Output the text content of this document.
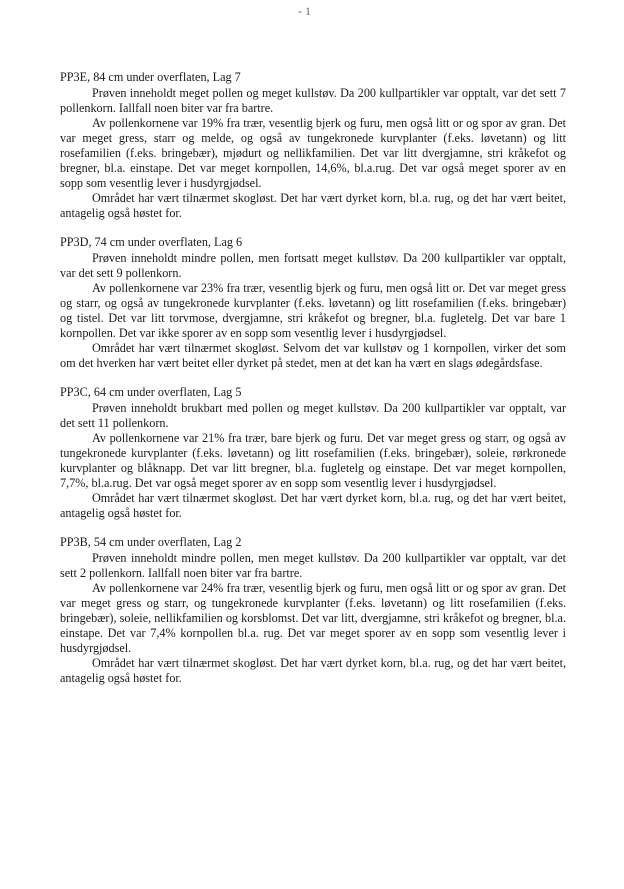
- 1

PP3E, 84 cm under overflaten, Lag 7

Prøven inneholdt meget pollen og meget kullstøv. Da 200 kullpartikler var opptalt, var det sett 7 pollenkorn. Iallfall noen biter var fra bartre.

Av pollenkornene var 19% fra trær, vesentlig bjerk og furu, men også litt or og spor av gran. Det var meget gress, starr og melde, og også av tungekronede kurvplanter (f.eks. løvetann) og litt rosefamilien (f.eks. bringebær), mjødurt og nellikfamilien. Det var litt dvergjamne, stri kråkefot og bregner, bl.a. einstape. Det var meget kornpollen, 14,6%, bl.a.rug. Det var også meget sporer av en sopp som vesentlig lever i husdyrgjødsel.

Området har vært tilnærmet skogløst. Det har vært dyrket korn, bl.a. rug, og det har vært beitet, antagelig også høstet for.

PP3D, 74 cm under overflaten, Lag 6

Prøven inneholdt mindre pollen, men fortsatt meget kullstøv. Da 200 kullpartikler var opptalt, var det sett 9 pollenkorn.

Av pollenkornene var 23% fra trær, vesentlig bjerk og furu, men også litt or. Det var meget gress og starr, og også av tungekronede kurvplanter (f.eks. løvetann) og litt rosefamilien (f.eks. bringebær) og tistel. Det var litt torvmose, dvergjamne, stri kråkefot og bregner, bl.a. fugletelg. Det var bare 1 kornpollen. Det var ikke sporer av en sopp som vesentlig lever i husdyrgjødsel.

Området har vært tilnærmet skogløst. Selvom det var kullstøv og 1 kornpollen, virker det som om det hverken har vært beitet eller dyrket på stedet, men at det kan ha vært en slags ødegårdsfase.

PP3C, 64 cm under overflaten, Lag 5

Prøven inneholdt brukbart med pollen og meget kullstøv. Da 200 kullpartikler var opptalt, var det sett 11 pollenkorn.

Av pollenkornene var 21% fra trær, bare bjerk og furu. Det var meget gress og starr, og også av tungekronede kurvplanter (f.eks. løvetann) og litt rosefamilien (f.eks. bringebær), soleie, rørkronede kurvplanter og blåknapp. Det var litt bregner, bl.a. fugletelg og einstape. Det var meget kornpollen, 7,7%, bl.a.rug. Det var også meget sporer av en sopp som vesentlig lever i husdyrgjødsel.

Området har vært tilnærmet skogløst. Det har vært dyrket korn, bl.a. rug, og det har vært beitet, antagelig også høstet for.

PP3B, 54 cm under overflaten, Lag 2

Prøven inneholdt mindre pollen, men meget kullstøv. Da 200 kullpartikler var opptalt, var det sett 2 pollenkorn. Iallfall noen biter var fra bartre.

Av pollenkornene var 24% fra trær, vesentlig bjerk og furu, men også litt or og spor av gran. Det var meget gress og starr, og tungekronede kurvplanter (f.eks. løvetann) og litt rosefamilien (f.eks. bringebær), soleie, nellikfamilien og korsblomst. Det var litt, dvergjamne, stri kråkefot og bregner, bl.a. einstape. Det var 7,4% kornpollen bl.a. rug. Det var meget sporer av en sopp som vesentlig lever i husdyrgjødsel.

Området har vært tilnærmet skogløst. Det har vært dyrket korn, bl.a. rug, og det har vært beitet, antagelig også høstet for.
